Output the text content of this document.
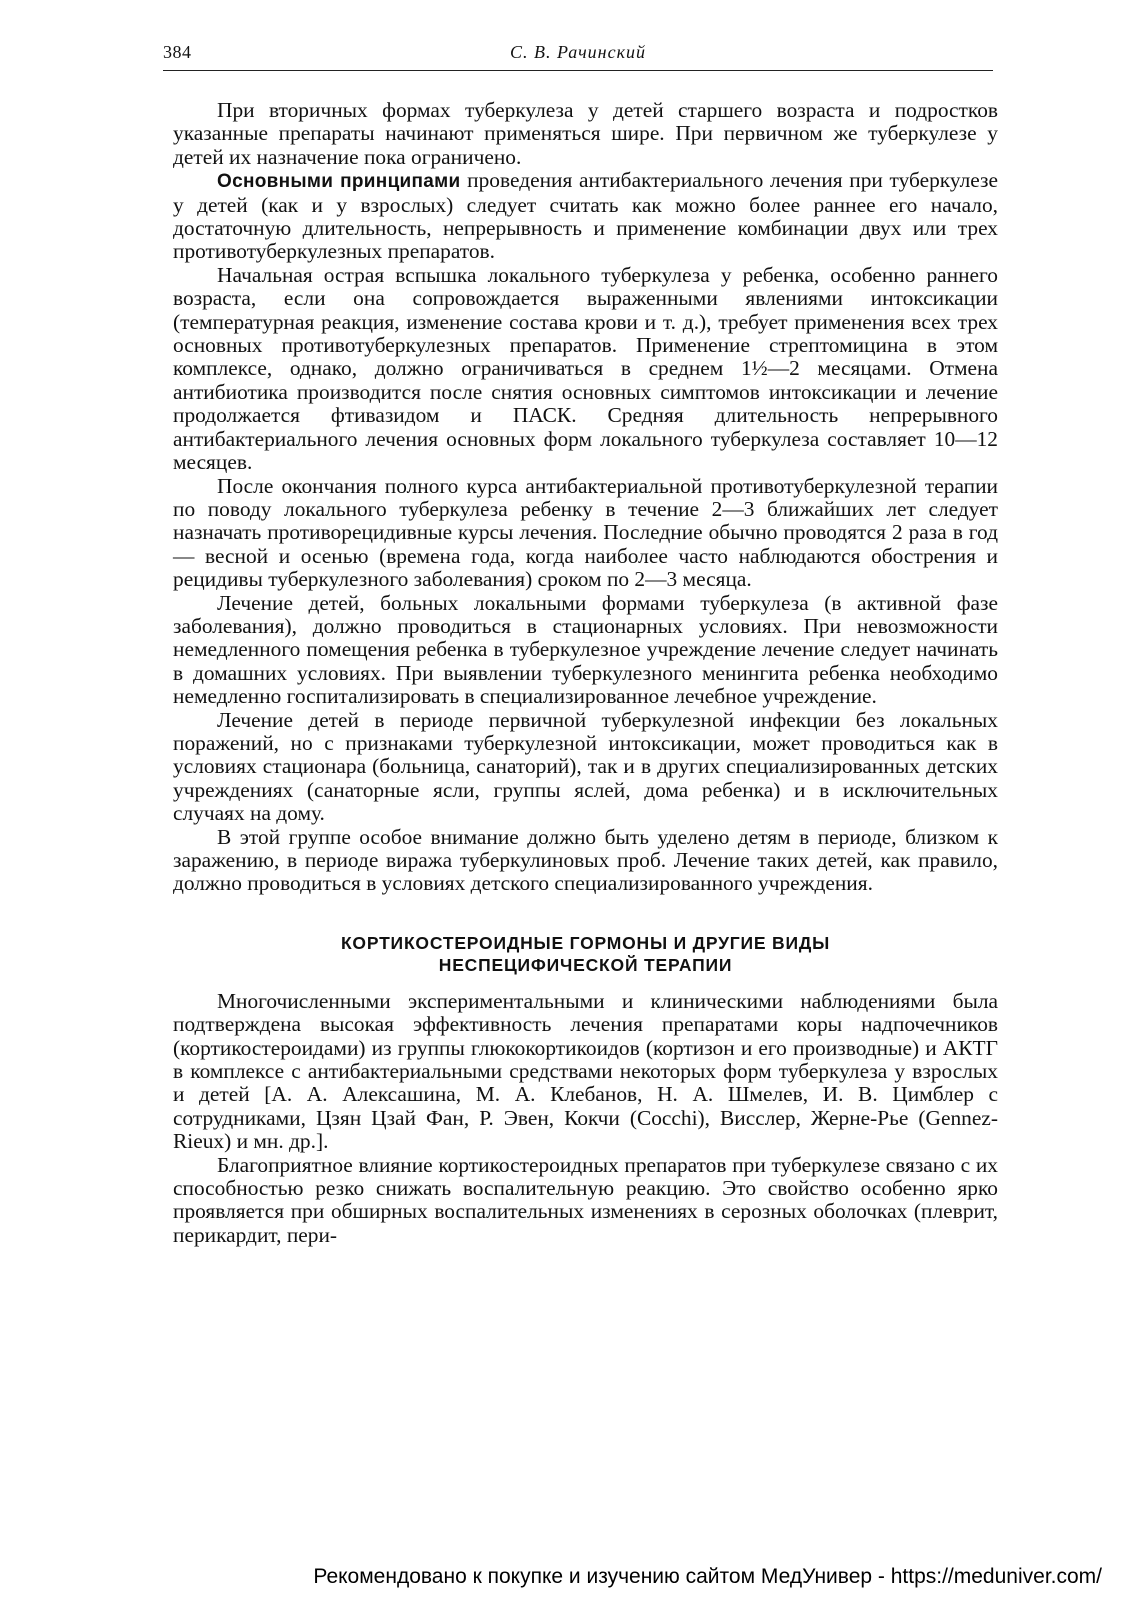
384	С. В. Рачинский

При вторичных формах туберкулеза у детей старшего возраста и подростков указанные препараты начинают применяться шире. При первичном же туберкулезе у детей их назначение пока ограничено.

Основными принципами проведения антибактериального лечения при туберкулезе у детей (как и у взрослых) следует считать как можно более раннее его начало, достаточную длительность, непрерывность и применение комбинации двух или трех противотуберкулезных препаратов.

Начальная острая вспышка локального туберкулеза у ребенка, особенно раннего возраста, если она сопровождается выраженными явлениями интоксикации (температурная реакция, изменение состава крови и т. д.), требует применения всех трех основных противотуберкулезных препаратов. Применение стрептомицина в этом комплексе, однако, должно ограничиваться в среднем 1½—2 месяцами. Отмена антибиотика производится после снятия основных симптомов интоксикации и лечение продолжается фтивазидом и ПАСК. Средняя длительность непрерывного антибактериального лечения основных форм локального туберкулеза составляет 10—12 месяцев.

После окончания полного курса антибактериальной противотуберкулезной терапии по поводу локального туберкулеза ребенку в течение 2—3 ближайших лет следует назначать противорецидивные курсы лечения. Последние обычно проводятся 2 раза в год — весной и осенью (времена года, когда наиболее часто наблюдаются обострения и рецидивы туберкулезного заболевания) сроком по 2—3 месяца.

Лечение детей, больных локальными формами туберкулеза (в активной фазе заболевания), должно проводиться в стационарных условиях. При невозможности немедленного помещения ребенка в туберкулезное учреждение лечение следует начинать в домашних условиях. При выявлении туберкулезного менингита ребенка необходимо немедленно госпитализировать в специализированное лечебное учреждение.

Лечение детей в периоде первичной туберкулезной инфекции без локальных поражений, но с признаками туберкулезной интоксикации, может проводиться как в условиях стационара (больница, санаторий), так и в других специализированных детских учреждениях (санаторные ясли, группы яслей, дома ребенка) и в исключительных случаях на дому.

В этой группе особое внимание должно быть уделено детям в периоде, близком к заражению, в периоде виража туберкулиновых проб. Лечение таких детей, как правило, должно проводиться в условиях детского специализированного учреждения.

КОРТИКОСТЕРОИДНЫЕ ГОРМОНЫ И ДРУГИЕ ВИДЫ
НЕСПЕЦИФИЧЕСКОЙ ТЕРАПИИ

Многочисленными экспериментальными и клиническими наблюдениями была подтверждена высокая эффективность лечения препаратами коры надпочечников (кортикостероидами) из группы глюкокортикоидов (кортизон и его производные) и АКТГ в комплексе с антибактериальными средствами некоторых форм туберкулеза у взрослых и детей [А. А. Алексашина, М. А. Клебанов, Н. А. Шмелев, И. В. Цимблер с сотрудниками, Цзян Цзай Фан, Р. Эвен, Кокчи (Cocchi), Висслер, Жерне-Рье (Gennez-Rieux) и мн. др.].

Благоприятное влияние кортикостероидных препаратов при туберкулезе связано с их способностью резко снижать воспалительную реакцию. Это свойство особенно ярко проявляется при обширных воспалительных изменениях в серозных оболочках (плеврит, перикардит, пери-

Рекомендовано к покупке и изучению сайтом МедУнивер - https://meduniver.com/
